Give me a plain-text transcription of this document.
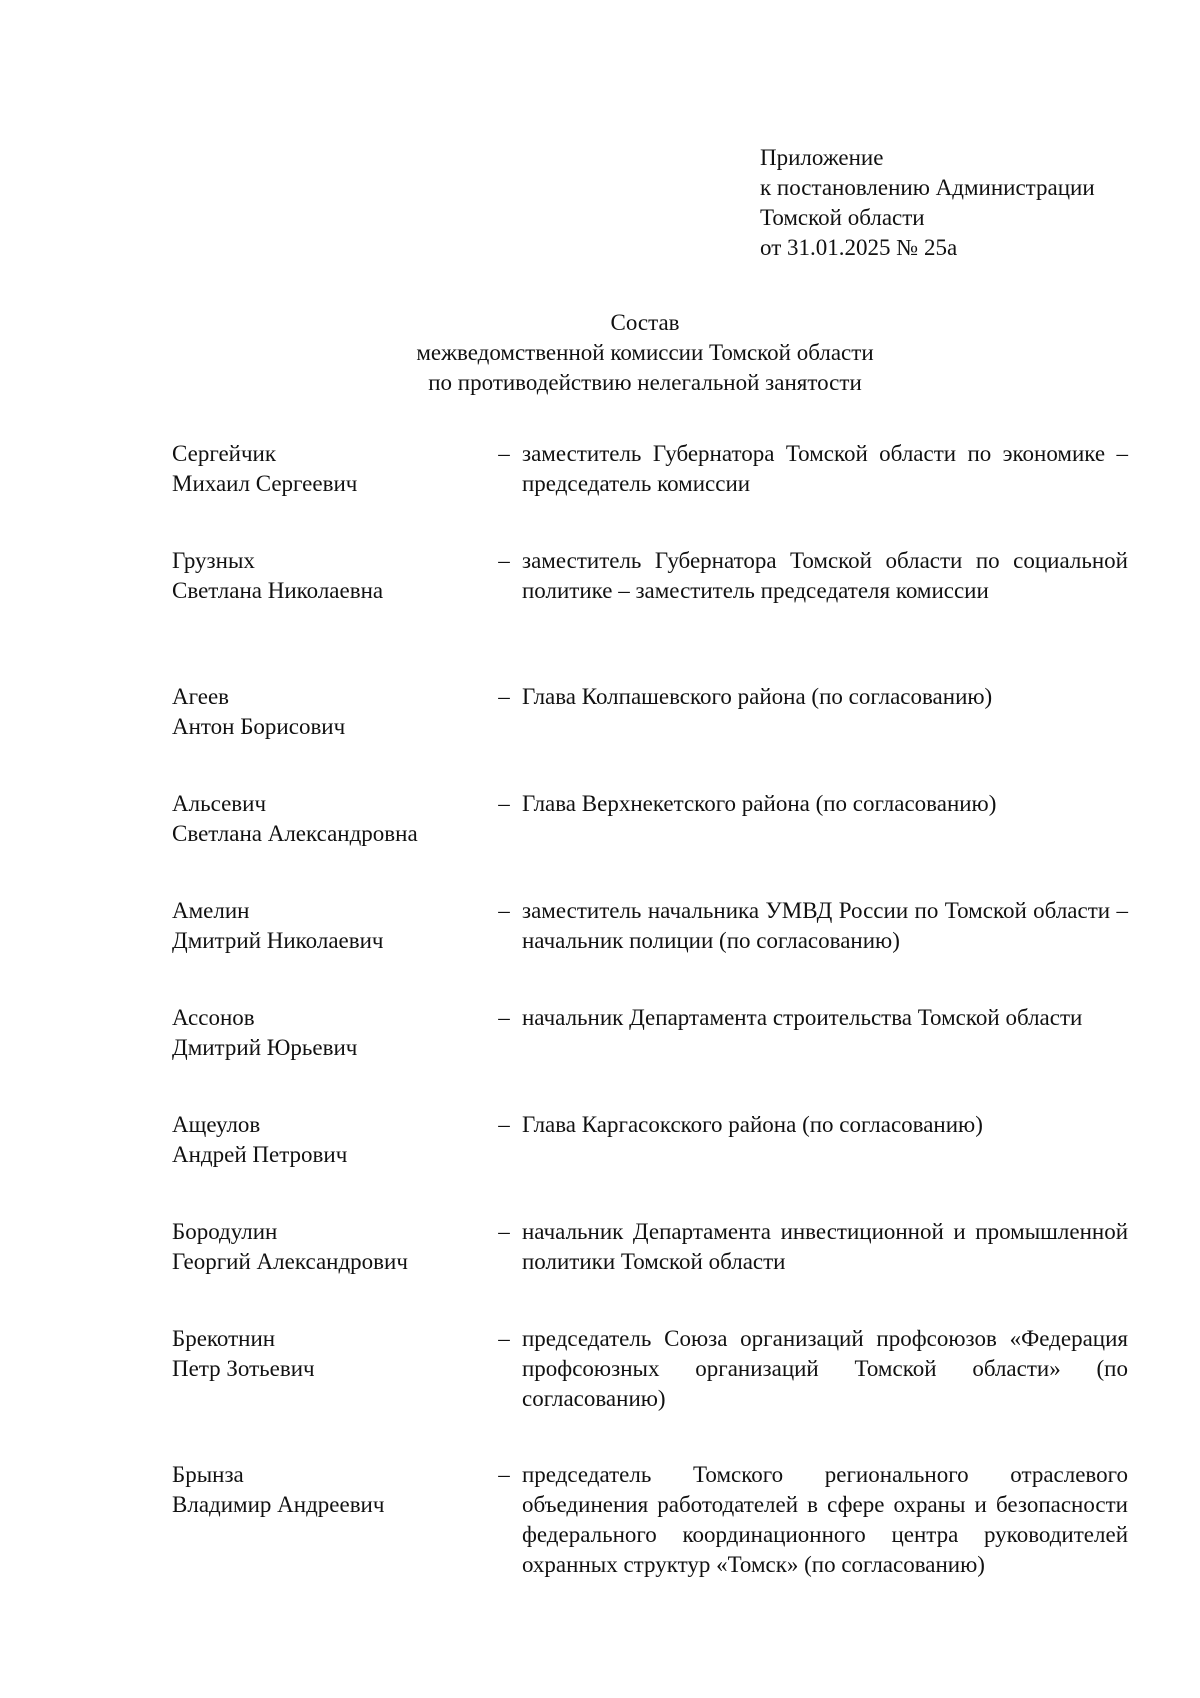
Приложение
к постановлению Администрации
Томской области
от 31.01.2025 № 25а
Состав
межведомственной комиссии Томской области
по противодействию нелегальной занятости
Сергейчик
Михаил Сергеевич
– заместитель Губернатора Томской области по экономике – председатель комиссии
Грузных
Светлана Николаевна
– заместитель Губернатора Томской области по социальной политике – заместитель председателя комиссии
Агеев
Антон Борисович
– Глава Колпашевского района (по согласованию)
Альсевич
Светлана Александровна
– Глава Верхнекетского района (по согласованию)
Амелин
Дмитрий Николаевич
– заместитель начальника УМВД России по Томской области – начальник полиции (по согласованию)
Ассонов
Дмитрий Юрьевич
– начальник Департамента строительства Томской области
Ащеулов
Андрей Петрович
– Глава Каргасокского района (по согласованию)
Бородулин
Георгий Александрович
– начальник Департамента инвестиционной и промышленной политики Томской области
Брекотнин
Петр Зотьевич
– председатель Союза организаций профсоюзов «Федерация профсоюзных организаций Томской области» (по согласованию)
Брынза
Владимир Андреевич
– председатель Томского регионального отраслевого объединения работодателей в сфере охраны и безопасности федерального координационного центра руководителей охранных структур «Томск» (по согласованию)
